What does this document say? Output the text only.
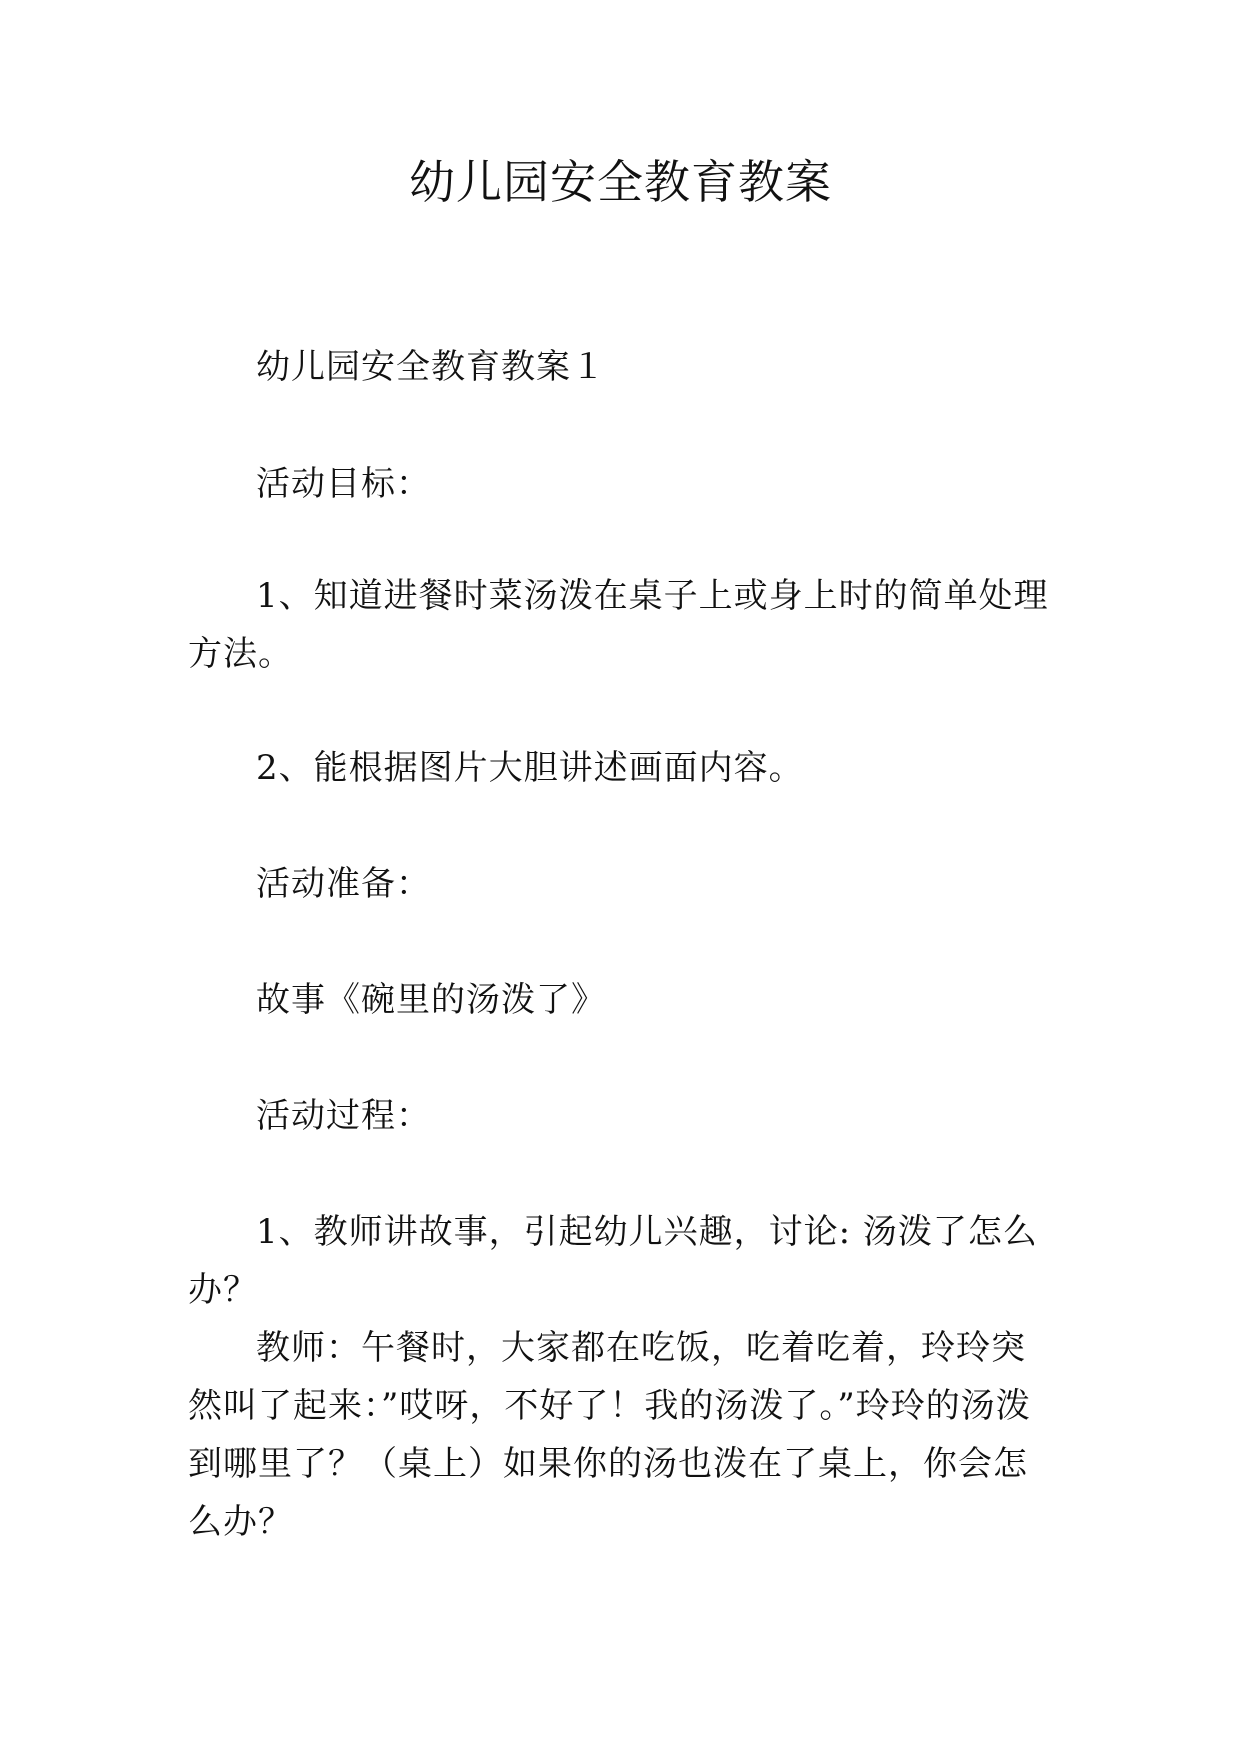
幼儿园安全教育教案

幼儿园安全教育教案１

活动目标：

1、知道进餐时菜汤泼在桌子上或身上时的简单处理方法。

2、能根据图片大胆讲述画面内容。

活动准备：

故事《碗里的汤泼了》

活动过程：

1、教师讲故事，引起幼儿兴趣，讨论: 汤泼了怎么办？

教师：午餐时，大家都在吃饭，吃着吃着，玲玲突然叫了起来：”哎呀，不好了！我的汤泼了。”玲玲的汤泼到哪里了？（桌上）如果你的汤也泼在了桌上，你会怎么办？
